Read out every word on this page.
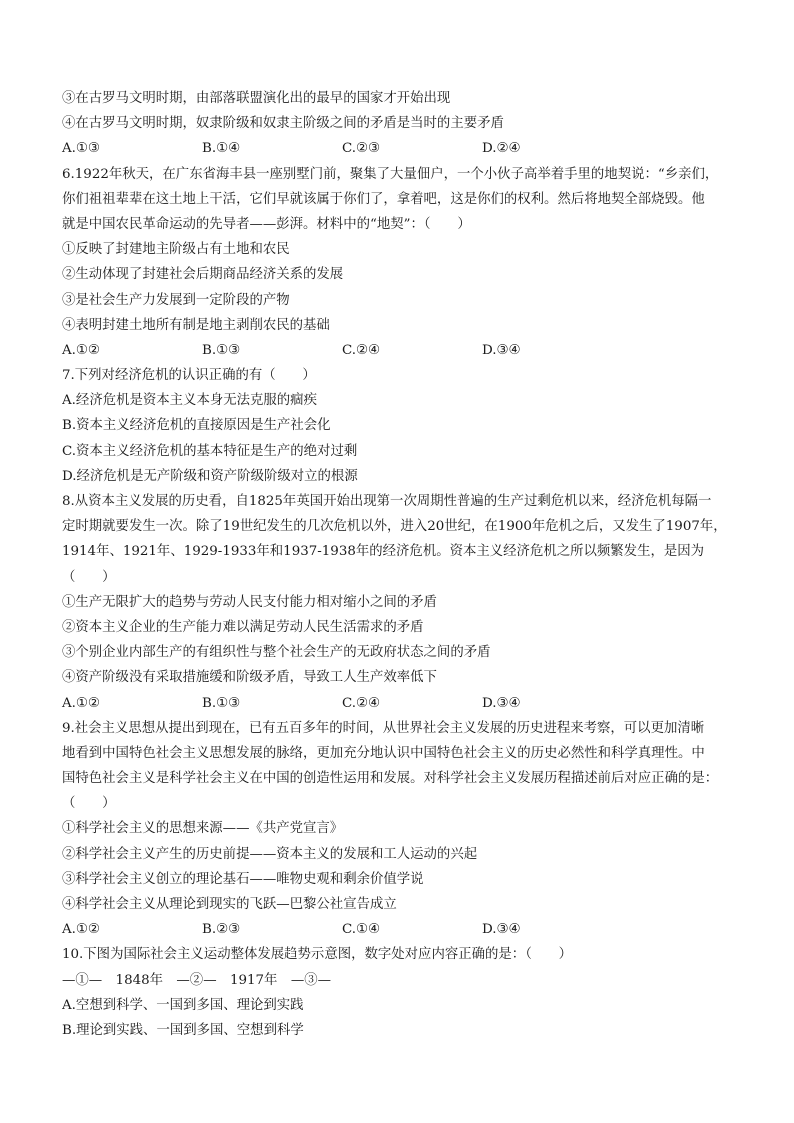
③在古罗马文明时期，由部落联盟演化出的最早的国家才开始出现
④在古罗马文明时期，奴隶阶级和奴隶主阶级之间的矛盾是当时的主要矛盾
A.①③	B.①④	C.②③	D.②④
6.1922年秋天，在广东省海丰县一座别墅门前，聚集了大量佃户，一个小伙子高举着手里的地契说：“乡亲们，
你们祖祖辈辈在这土地上干活，它们早就该属于你们了，拿着吧，这是你们的权利。然后将地契全部烧毁。他
就是中国农民革命运动的先导者——彭湃。材料中的“地契”：（　　）
①反映了封建地主阶级占有土地和农民
②生动体现了封建社会后期商品经济关系的发展
③是社会生产力发展到一定阶段的产物
④表明封建土地所有制是地主剥削农民的基础
A.①②	B.①③	C.②④	D.③④
7.下列对经济危机的认识正确的有（　　）
A.经济危机是资本主义本身无法克服的痼疾
B.资本主义经济危机的直接原因是生产社会化
C.资本主义经济危机的基本特征是生产的绝对过剩
D.经济危机是无产阶级和资产阶级阶级对立的根源
8.从资本主义发展的历史看，自1825年英国开始出现第一次周期性普遍的生产过剩危机以来，经济危机每隔一
定时期就要发生一次。除了19世纪发生的几次危机以外，进入20世纪，在1900年危机之后，又发生了1907年，
1914年、1921年、1929-1933年和1937-1938年的经济危机。资本主义经济危机之所以频繁发生，是因为
（　　）
①生产无限扩大的趋势与劳动人民支付能力相对缩小之间的矛盾
②资本主义企业的生产能力难以满足劳动人民生活需求的矛盾
③个别企业内部生产的有组织性与整个社会生产的无政府状态之间的矛盾
④资产阶级没有采取措施缓和阶级矛盾，导致工人生产效率低下
A.①②	B.①③	C.②④	D.③④
9.社会主义思想从提出到现在，已有五百多年的时间，从世界社会主义发展的历史进程来考察，可以更加清晰
地看到中国特色社会主义思想发展的脉络，更加充分地认识中国特色社会主义的历史必然性和科学真理性。中
国特色社会主义是科学社会主义在中国的创造性运用和发展。对科学社会主义发展历程描述前后对应正确的是：
（　　）
①科学社会主义的思想来源——《共产党宣言》
②科学社会主义产生的历史前提——资本主义的发展和工人运动的兴起
③科学社会主义创立的理论基石——唯物史观和剩余价值学说
④科学社会主义从理论到现实的飞跃—巴黎公社宣告成立
A.①②	B.②③	C.①④	D.③④
10.下图为国际社会主义运动整体发展趋势示意图，数字处对应内容正确的是：（　　）
—①—　1848年　—②—　1917年　—③—
A.空想到科学、一国到多国、理论到实践
B.理论到实践、一国到多国、空想到科学
